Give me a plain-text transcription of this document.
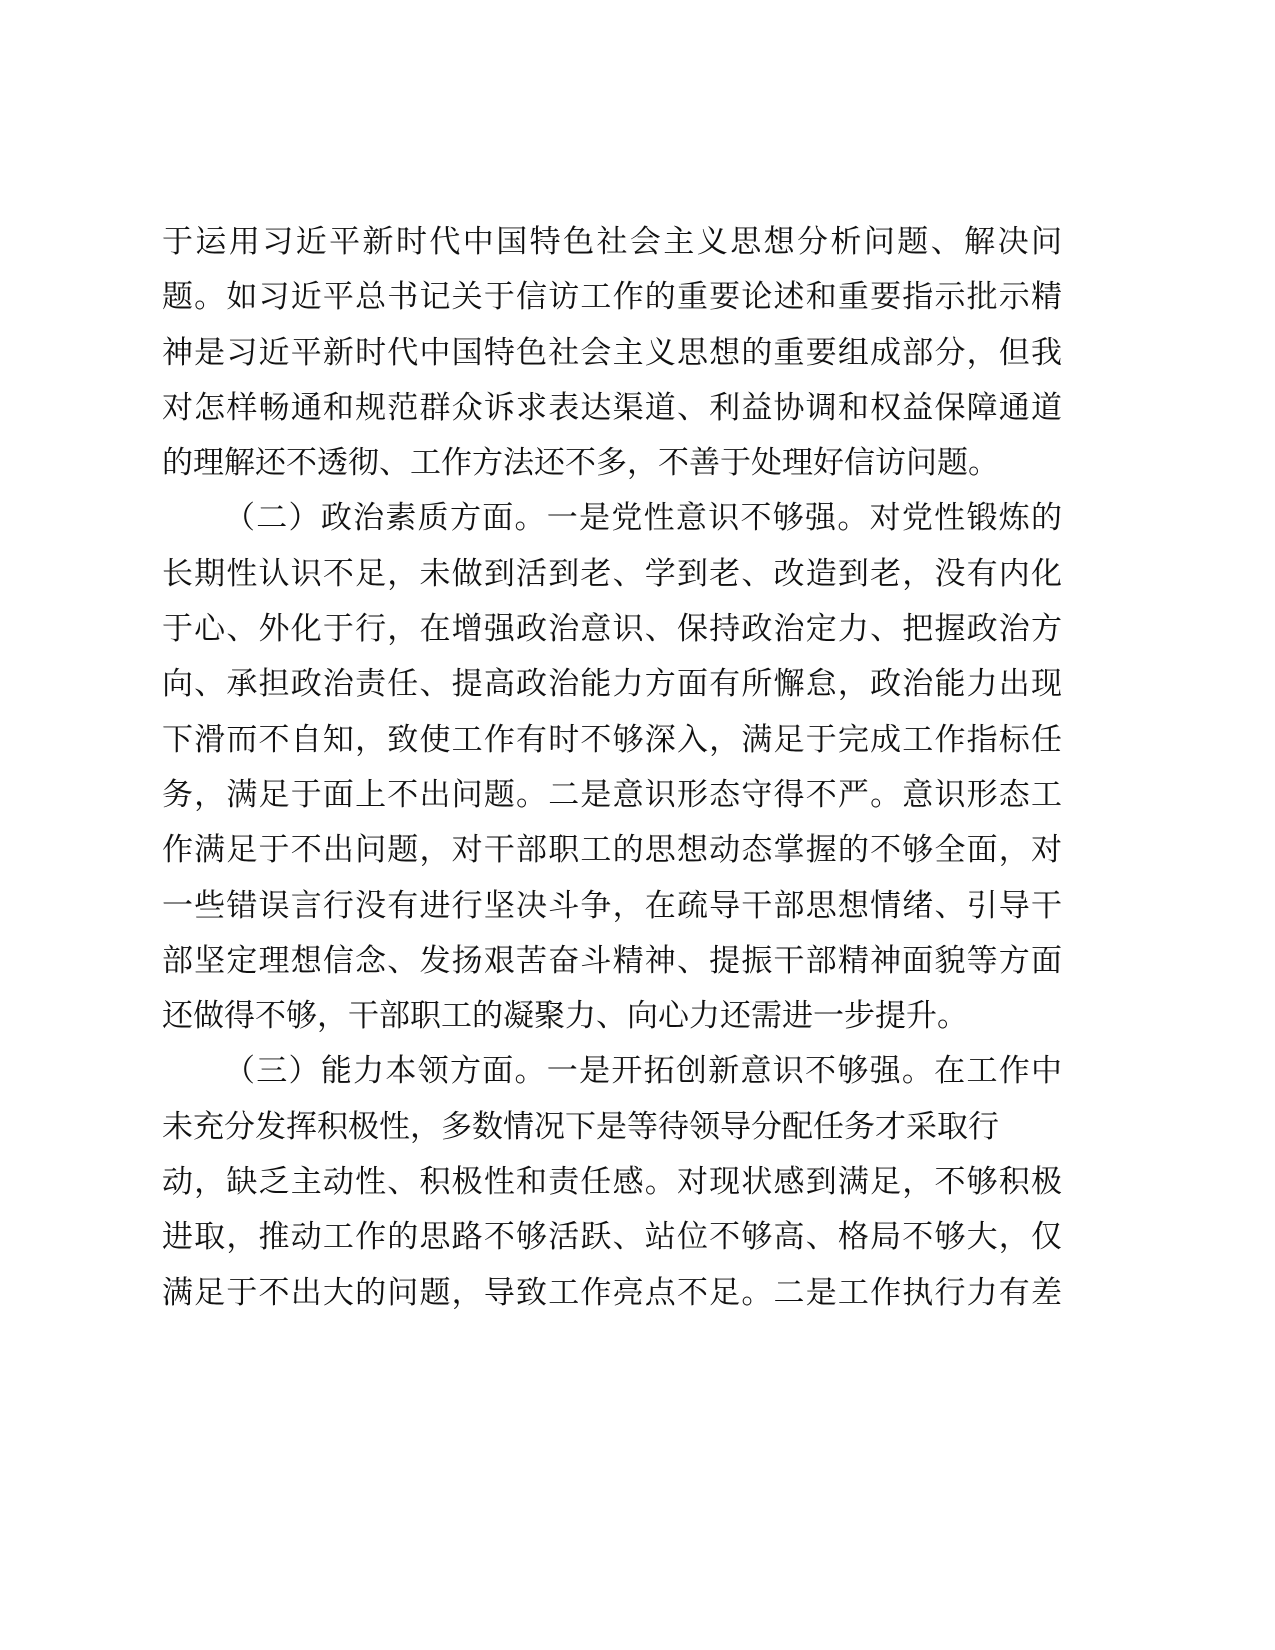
于运用习近平新时代中国特色社会主义思想分析问题、解决问
题。如习近平总书记关于信访工作的重要论述和重要指示批示精
神是习近平新时代中国特色社会主义思想的重要组成部分，但我
对怎样畅通和规范群众诉求表达渠道、利益协调和权益保障通道
的理解还不透彻、工作方法还不多，不善于处理好信访问题。
（二）政治素质方面。一是党性意识不够强。对党性锻炼的
长期性认识不足，未做到活到老、学到老、改造到老，没有内化
于心、外化于行，在增强政治意识、保持政治定力、把握政治方
向、承担政治责任、提高政治能力方面有所懈怠，政治能力出现
下滑而不自知，致使工作有时不够深入，满足于完成工作指标任
务，满足于面上不出问题。二是意识形态守得不严。意识形态工
作满足于不出问题，对干部职工的思想动态掌握的不够全面，对
一些错误言行没有进行坚决斗争，在疏导干部思想情绪、引导干
部坚定理想信念、发扬艰苦奋斗精神、提振干部精神面貌等方面
还做得不够，干部职工的凝聚力、向心力还需进一步提升。
（三）能力本领方面。一是开拓创新意识不够强。在工作中
未充分发挥积极性，多数情况下是等待领导分配任务才采取行
动，缺乏主动性、积极性和责任感。对现状感到满足，不够积极
进取，推动工作的思路不够活跃、站位不够高、格局不够大，仅
满足于不出大的问题，导致工作亮点不足。二是工作执行力有差
